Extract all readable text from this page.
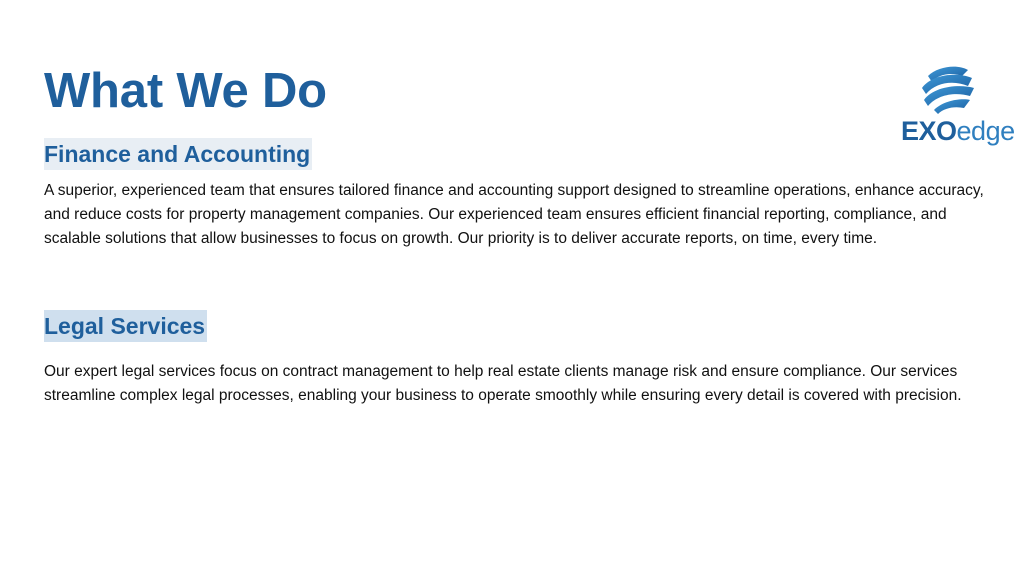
What We Do
EXOedge
Finance and Accounting

A superior, experienced team that ensures tailored finance and accounting support designed to streamline operations, enhance accuracy, and reduce costs for property management companies. Our experienced team ensures efficient financial reporting, compliance, and scalable solutions that allow businesses to focus on growth. Our priority is to deliver accurate reports, on time, every time.

Legal Services

Our expert legal services focus on contract management to help real estate clients manage risk and ensure compliance. Our services streamline complex legal processes, enabling your business to operate smoothly while ensuring every detail is covered with precision.
